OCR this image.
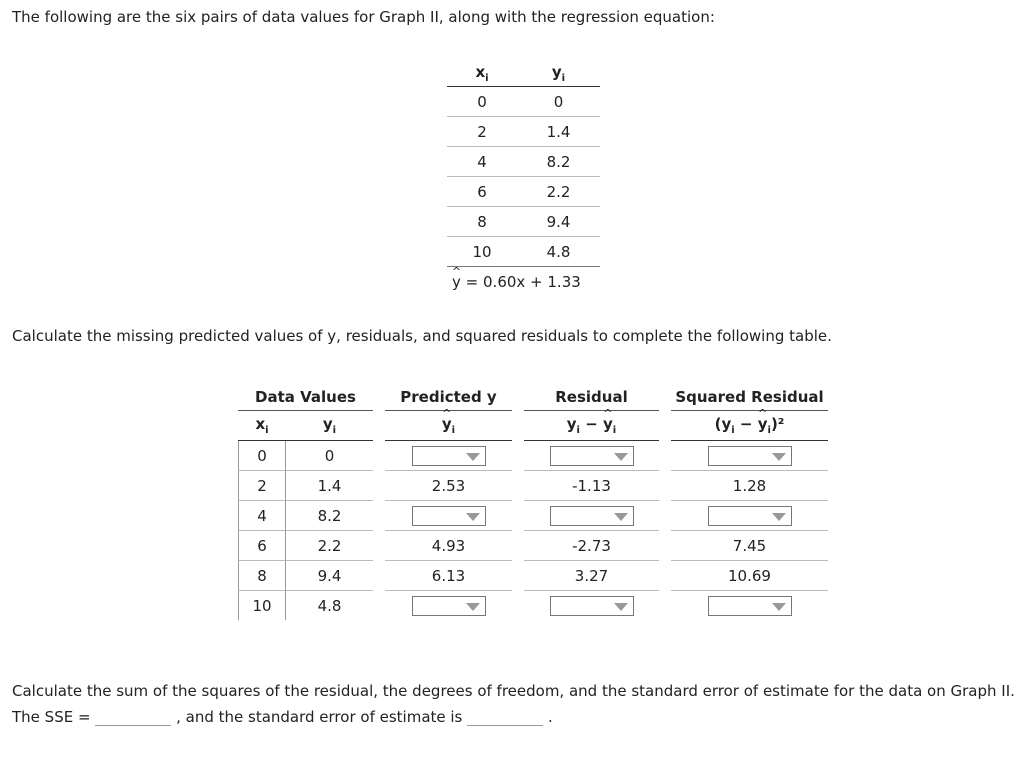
The following are the six pairs of data values for Graph II, along with the regression equation:
$x_i$	$y_i$
0	0
2	1.4
4	8.2
6	2.2
8	9.4
10	4.8
^ y = 0.60x + 1.33
Calculate the missing predicted values of y, residuals, and squared residuals to complete the following table.
Data Values			Predicted y		Residual		Squared Residual
$x_i$	$y_i$		^ $y_i$		$y_i$ − ^ $y_i$		($y_i$ − ^ $y_i)^2$
0	0						
2	1.4		2.53		-1.13		1.28
4	8.2						
6	2.2		4.93		-2.73		7.45
8	9.4		6.13		3.27		10.69
10	4.8						
Calculate the sum of the squares of the residual, the degrees of freedom, and the standard error of estimate for the data on Graph II. The SSE =	, and the standard error of estimate is	.
